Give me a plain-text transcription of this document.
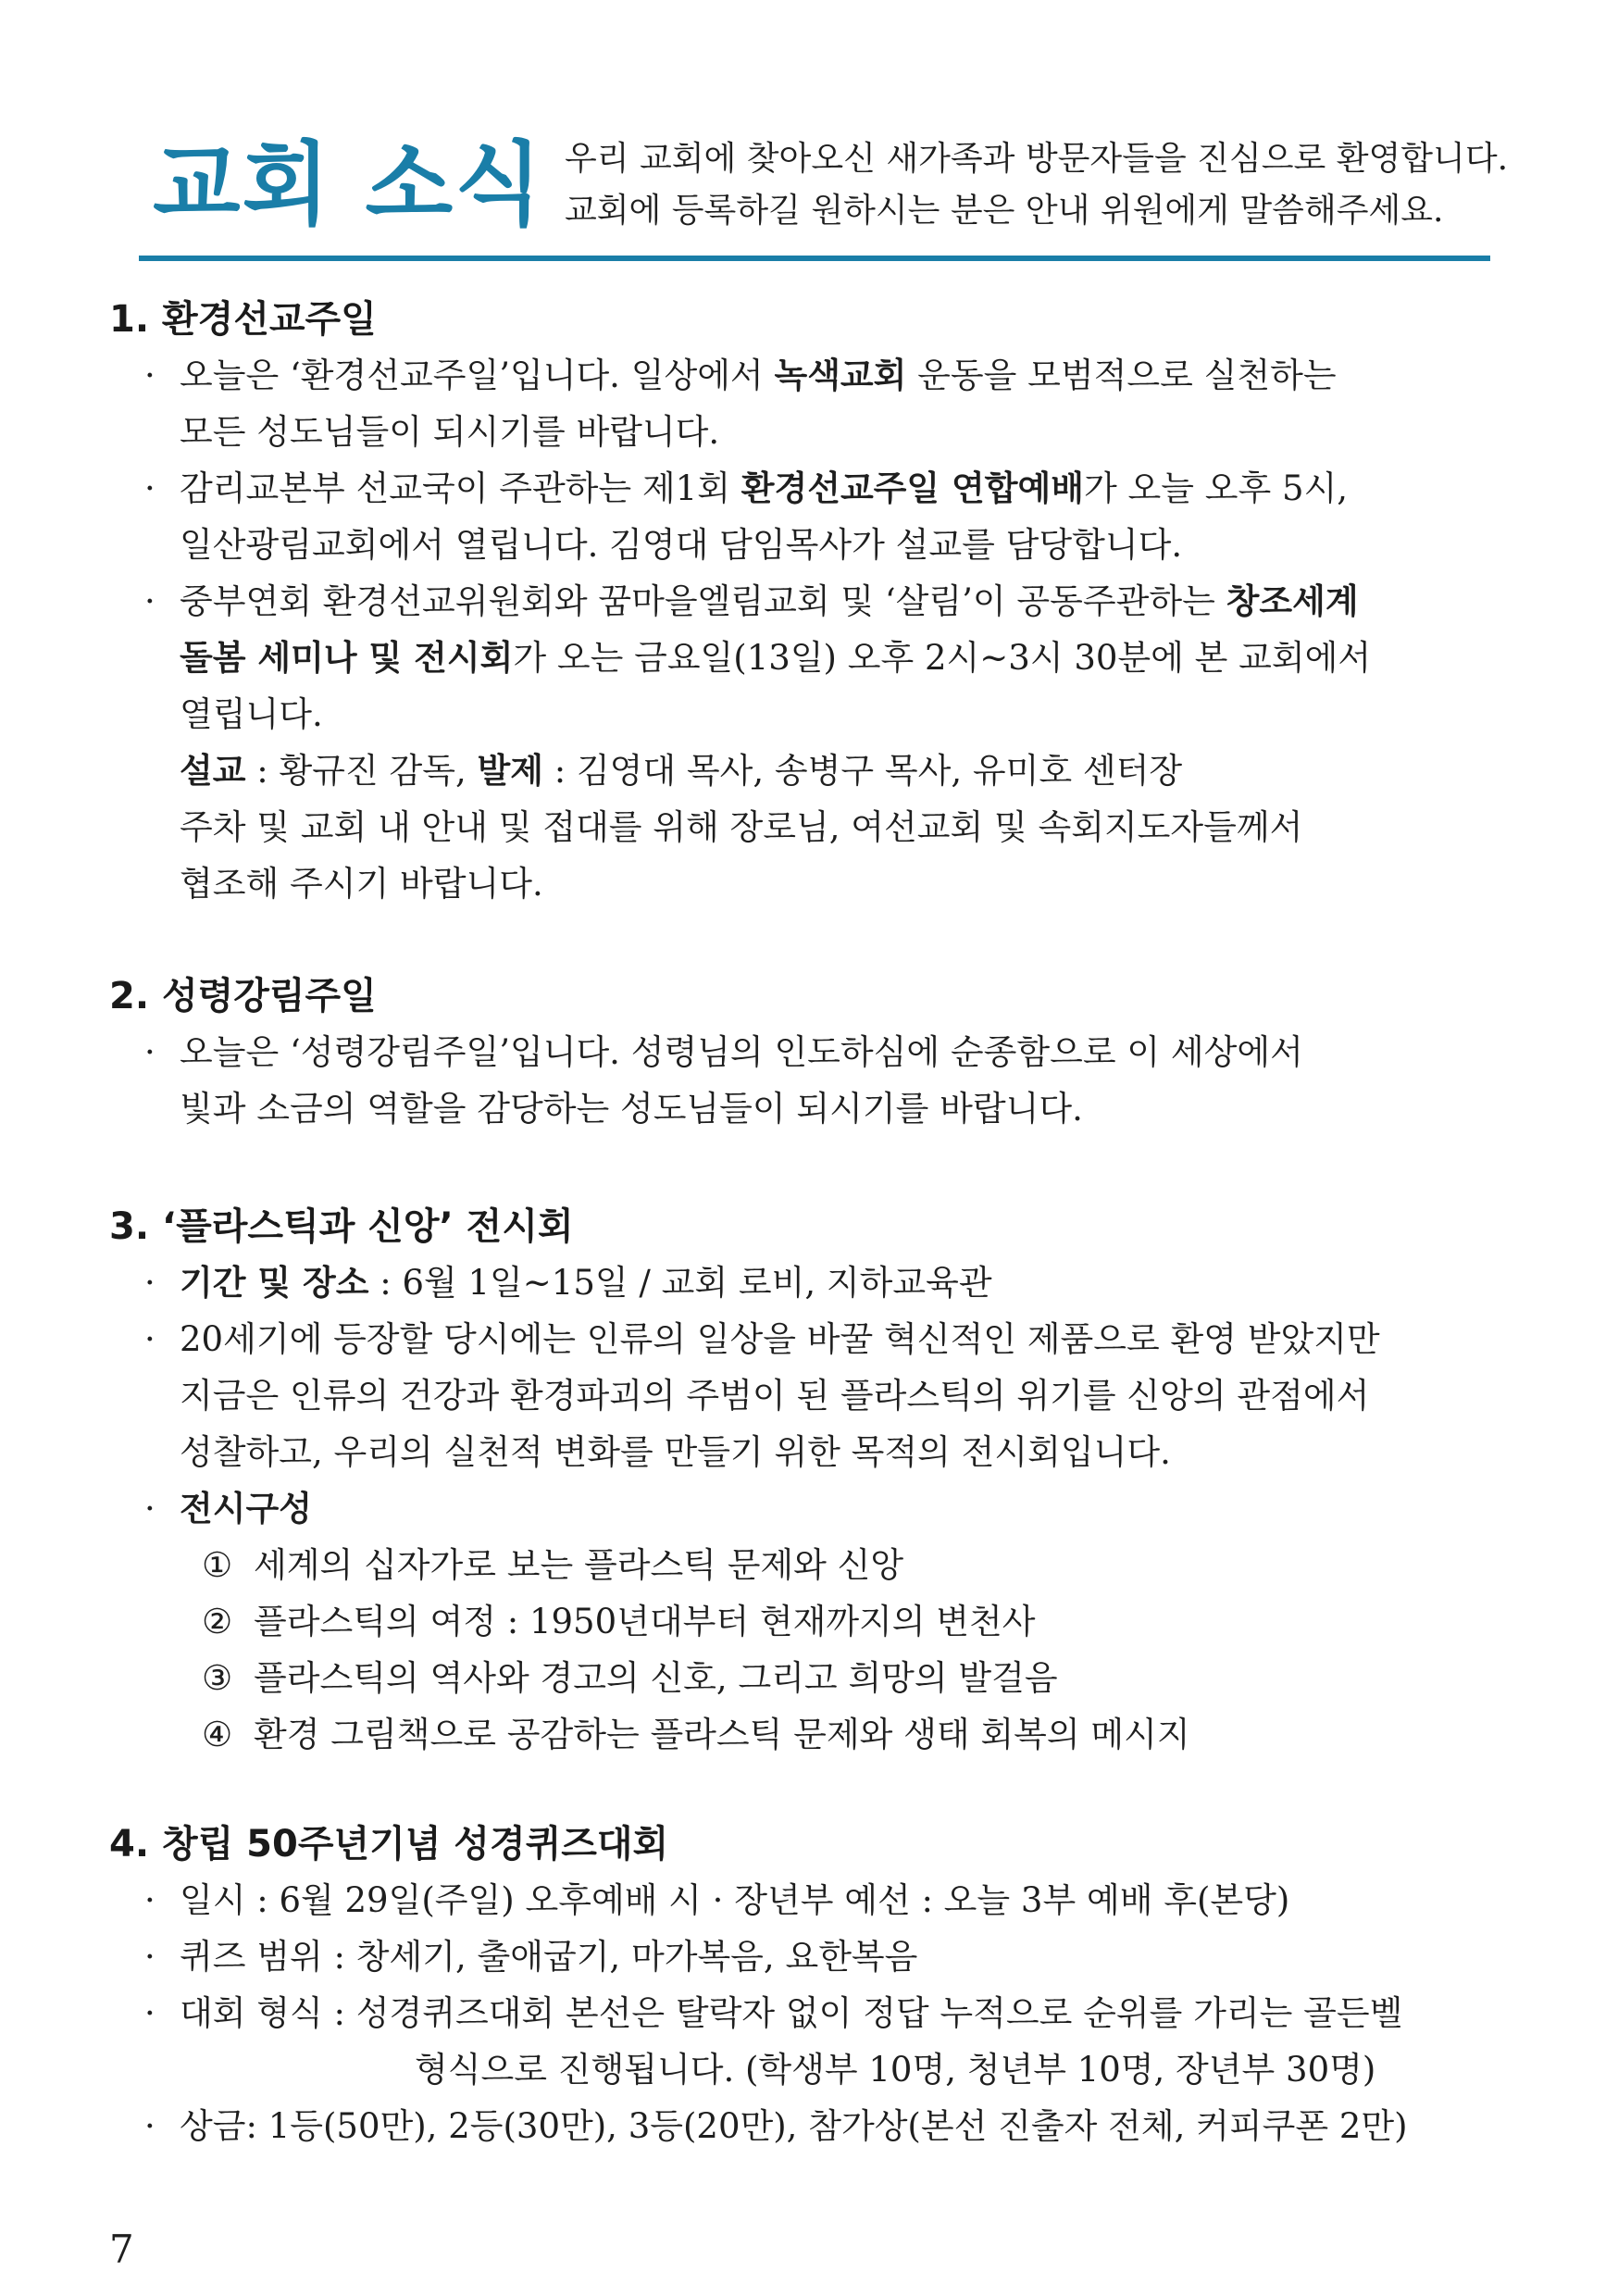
교회 소식 우리 교회에 찾아오신 새가족과 방문자들을 진심으로 환영합니다.
교회에 등록하길 원하시는 분은 안내 위원에게 말씀해주세요.
1. 환경선교주일
· 오늘은 ‘환경선교주일’입니다. 일상에서 녹색교회 운동을 모범적으로 실천하는
모든 성도님들이 되시기를 바랍니다.
· 감리교본부 선교국이 주관하는 제1회 환경선교주일 연합예배가 오늘 오후 5시,
일산광림교회에서 열립니다. 김영대 담임목사가 설교를 담당합니다.
· 중부연회 환경선교위원회와 꿈마을엘림교회 및 ‘살림’이 공동주관하는 창조세계
돌봄 세미나 및 전시회가 오는 금요일(13일) 오후 2시~3시 30분에 본 교회에서
열립니다.
설교 : 황규진 감독, 발제 : 김영대 목사, 송병구 목사, 유미호 센터장
주차 및 교회 내 안내 및 접대를 위해 장로님, 여선교회 및 속회지도자들께서
협조해 주시기 바랍니다.
2. 성령강림주일
· 오늘은 ‘성령강림주일’입니다. 성령님의 인도하심에 순종함으로 이 세상에서
빛과 소금의 역할을 감당하는 성도님들이 되시기를 바랍니다.
3. ‘플라스틱과 신앙’ 전시회
· 기간 및 장소 : 6월 1일~15일 / 교회 로비, 지하교육관
· 20세기에 등장할 당시에는 인류의 일상을 바꿀 혁신적인 제품으로 환영 받았지만
지금은 인류의 건강과 환경파괴의 주범이 된 플라스틱의 위기를 신앙의 관점에서
성찰하고, 우리의 실천적 변화를 만들기 위한 목적의 전시회입니다.
· 전시구성
① 세계의 십자가로 보는 플라스틱 문제와 신앙
② 플라스틱의 여정 : 1950년대부터 현재까지의 변천사
③ 플라스틱의 역사와 경고의 신호, 그리고 희망의 발걸음
④ 환경 그림책으로 공감하는 플라스틱 문제와 생태 회복의 메시지
4. 창립 50주년기념 성경퀴즈대회
· 일시 : 6월 29일(주일) 오후예배 시 · 장년부 예선 : 오늘 3부 예배 후(본당)
· 퀴즈 범위 : 창세기, 출애굽기, 마가복음, 요한복음
· 대회 형식 : 성경퀴즈대회 본선은 탈락자 없이 정답 누적으로 순위를 가리는 골든벨
형식으로 진행됩니다. (학생부 10명, 청년부 10명, 장년부 30명)
· 상금: 1등(50만), 2등(30만), 3등(20만), 참가상(본선 진출자 전체, 커피쿠폰 2만)
7
